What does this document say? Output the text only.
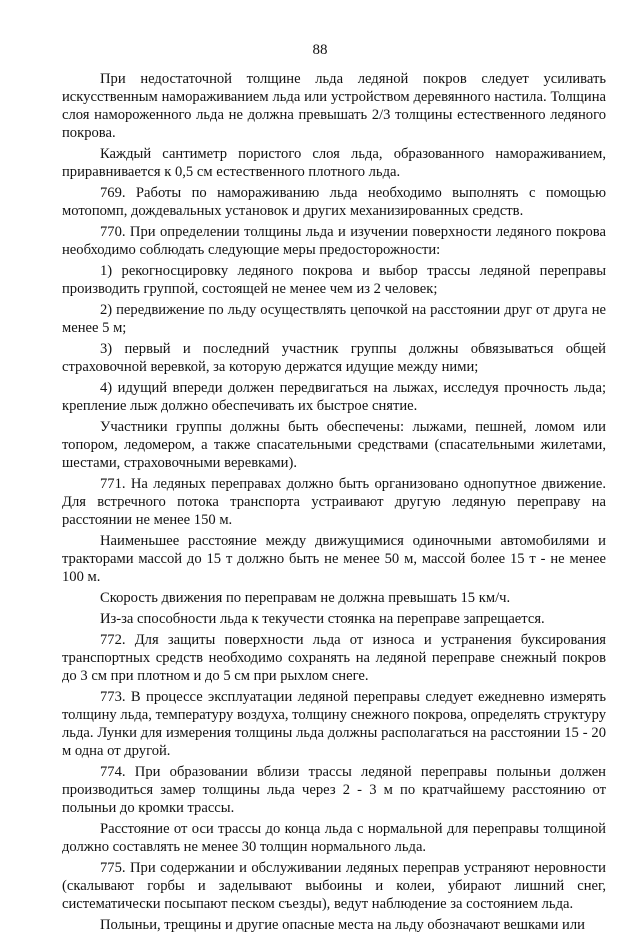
88

При недостаточной толщине льда ледяной покров следует усиливать искусственным намораживанием льда или устройством деревянного настила. Толщина слоя намороженного льда не должна превышать 2/3 толщины естественного ледяного покрова.

Каждый сантиметр пористого слоя льда, образованного намораживанием, приравнивается к 0,5 см естественного плотного льда.

769. Работы по намораживанию льда необходимо выполнять с помощью мотопомп, дождевальных установок и других механизированных средств.

770. При определении толщины льда и изучении поверхности ледяного покрова необходимо соблюдать следующие меры предосторожности:

1) рекогносцировку ледяного покрова и выбор трассы ледяной переправы производить группой, состоящей не менее чем из 2 человек;

2) передвижение по льду осуществлять цепочкой на расстоянии друг от друга не менее 5 м;

3) первый и последний участник группы должны обвязываться общей страховочной веревкой, за которую держатся идущие между ними;

4) идущий впереди должен передвигаться на лыжах, исследуя прочность льда; крепление лыж должно обеспечивать их быстрое снятие.

Участники группы должны быть обеспечены: лыжами, пешней, ломом или топором, ледомером, а также спасательными средствами (спасательными жилетами, шестами, страховочными веревками).

771. На ледяных переправах должно быть организовано однопутное движение. Для встречного потока транспорта устраивают другую ледяную переправу на расстоянии не менее 150 м.

Наименьшее расстояние между движущимися одиночными автомобилями и тракторами массой до 15 т должно быть не менее 50 м, массой более 15 т - не менее 100 м.

Скорость движения по переправам не должна превышать 15 км/ч.

Из-за способности льда к текучести стоянка на переправе запрещается.

772. Для защиты поверхности льда от износа и устранения буксирования транспортных средств необходимо сохранять на ледяной переправе снежный покров до 3 см при плотном и до 5 см при рыхлом снеге.

773. В процессе эксплуатации ледяной переправы следует ежедневно измерять толщину льда, температуру воздуха, толщину снежного покрова, определять структуру льда. Лунки для измерения толщины льда должны располагаться на расстоянии 15 - 20 м одна от другой.

774. При образовании вблизи трассы ледяной переправы полыньи должен производиться замер толщины льда через 2 - 3 м по кратчайшему расстоянию от полыньи до кромки трассы.

Расстояние от оси трассы до конца льда с нормальной для переправы толщиной должно составлять не менее 30 толщин нормального льда.

775. При содержании и обслуживании ледяных переправ устраняют неровности (скалывают горбы и заделывают выбоины и колеи, убирают лишний снег, систематически посыпают песком съезды), ведут наблюдение за состоянием льда.

Полыньи, трещины и другие опасные места на льду обозначают вешками или
